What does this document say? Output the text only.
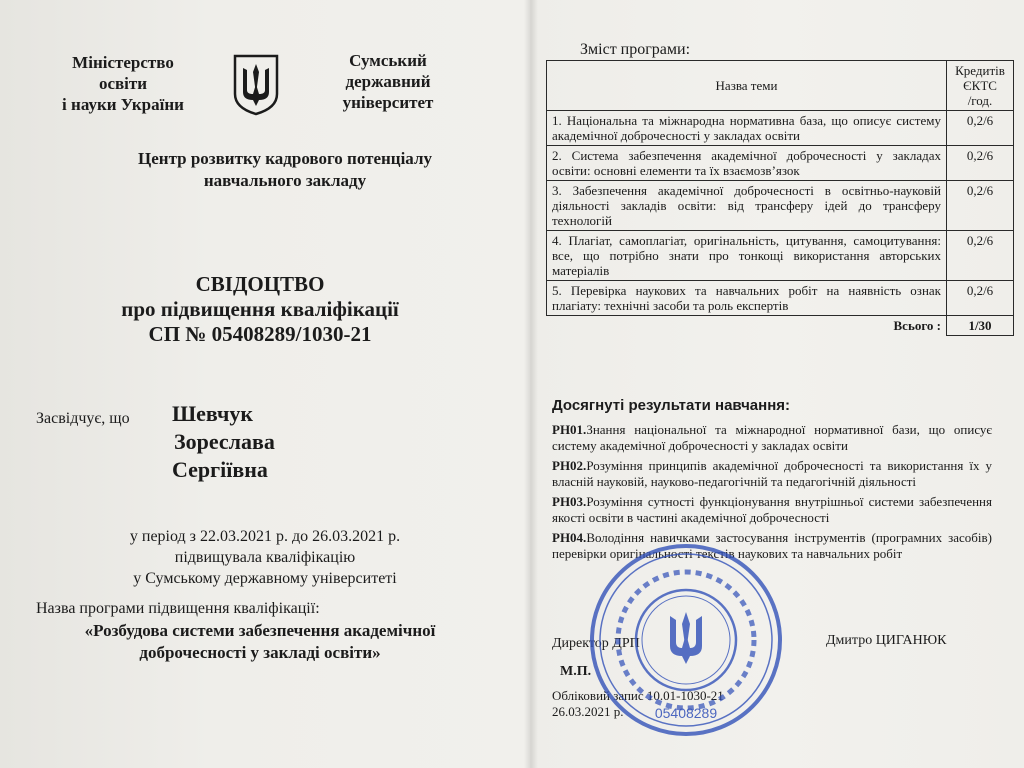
Міністерство
освіти
і науки України
Сумський
державний
університет
Центр розвитку кадрового потенціалу
навчального закладу
СВІДОЦТВО
про підвищення кваліфікації
СП № 05408289/1030-21
Засвідчує, що Шевчук
Зореслава
Сергіївна
у період з 22.03.2021 р. до 26.03.2021 р.
підвищувала кваліфікацію
у Сумському державному університеті
Назва програми підвищення кваліфікації:
«Розбудова системи забезпечення академічної
доброчесності у закладі освіти»
Зміст програми:
Назва теми	Кредитів
ЄКТС
/год.

1. Національна та міжнародна нормативна база, що описує систему академічної доброчесності у закладах освіти	0,2/6
2. Система забезпечення академічної доброчесності у закладах освіти: основні елементи та їх взаємозв’язок	0,2/6
3. Забезпечення академічної доброчесності в освітньо-науковій діяльності закладів освіти: від трансферу ідей до трансферу технологій	0,2/6
4. Плагіат, самоплагіат, оригінальність, цитування, самоцитування: все, що потрібно знати про тонкощі використання авторських матеріалів	0,2/6
5. Перевірка наукових та навчальних робіт на наявність ознак плагіату: технічні засоби та роль експертів	0,2/6
Всього :	1/30
Досягнуті результати навчання:

РН01.Знання національної та міжнародної нормативної бази, що описує систему академічної доброчесності у закладах освіти

РН02.Розуміння принципів академічної доброчесності та використання їх у власній науковій, науково-педагогічній та педагогічній діяльності

РН03.Розуміння сутності функціонування внутрішньої системи забезпечення якості освіти в частині академічної доброчесності

РН04.Володіння навичками застосування інструментів (програмних засобів) перевірки оригінальності текстів наукових та навчальних робіт

Директор ДРП	Дмитро ЦИГАНЮК
М.П.
Обліковий запис 10.01-1030-21
26.03.2021 р.	05408289
